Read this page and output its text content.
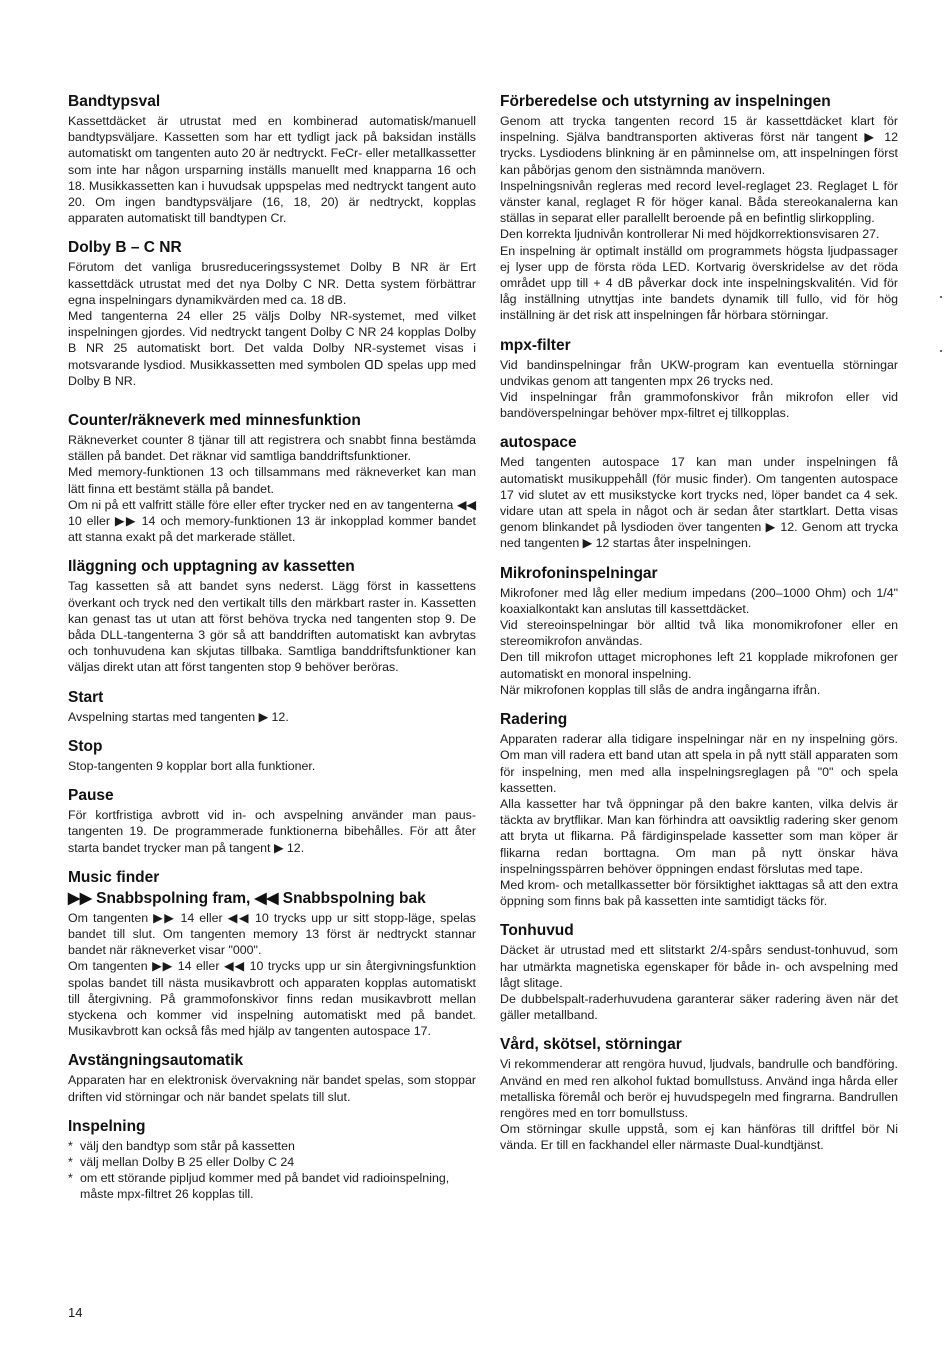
Bandtypsval

Kassettdäcket är utrustat med en kombinerad automatisk/manuell bandtypsväljare. Kassetten som har ett tydligt jack på baksidan inställs automatiskt om tangenten auto 20 är nedtryckt. FeCr- eller metallkassetter som inte har någon ursparning inställs manuellt med knapparna 16 och 18. Musikkassetten kan i huvudsak uppspelas med nedtryckt tangent auto 20. Om ingen bandtypsväljare (16, 18, 20) är nedtryckt, kopplas apparaten automatiskt till bandtypen Cr.

Dolby B – C NR

Förutom det vanliga brusreduceringssystemet Dolby B NR är Ert kassettdäck utrustat med det nya Dolby C NR. Detta system förbättrar egna inspelningars dynamikvärden med ca. 18 dB.

Med tangenterna 24 eller 25 väljs Dolby NR-systemet, med vilket inspelningen gjordes. Vid nedtryckt tangent Dolby C NR 24 kopplas Dolby B NR 25 automatiskt bort. Det valda Dolby NR-systemet visas i motsvarande lysdiod. Musikkassetten med symbolen ᗡᗞ spelas upp med Dolby B NR.

Counter/räkneverk med minnesfunktion

Räkneverket counter 8 tjänar till att registrera och snabbt finna bestämda ställen på bandet. Det räknar vid samtliga banddriftsfunktioner.

Med memory-funktionen 13 och tillsammans med räkneverket kan man lätt finna ett bestämt ställa på bandet.

Om ni på ett valfritt ställe före eller efter trycker ned en av tangenterna ◀◀ 10 eller ▶▶ 14 och memory-funktionen 13 är inkopplad kommer bandet att stanna exakt på det markerade stället.

Iläggning och upptagning av kassetten

Tag kassetten så att bandet syns nederst. Lägg först in kassettens överkant och tryck ned den vertikalt tills den märkbart raster in. Kassetten kan genast tas ut utan att först behöva trycka ned tangenten stop 9. De båda DLL-tangenterna 3 gör så att banddriften automatiskt kan avbrytas och tonhuvudena kan skjutas tillbaka. Samtliga banddriftsfunktioner kan väljas direkt utan att först tangenten stop 9 behöver beröras.

Start

Avspelning startas med tangenten ▶ 12.

Stop

Stop-tangenten 9 kopplar bort alla funktioner.

Pause

För kortfristiga avbrott vid in- och avspelning använder man paus-tangenten 19. De programmerade funktionerna bibehålles. För att åter starta bandet trycker man på tangent ▶ 12.

Music finder
▶▶ Snabbspolning fram, ◀◀ Snabbspolning bak

Om tangenten ▶▶ 14 eller ◀◀ 10 trycks upp ur sitt stopp-läge, spelas bandet till slut. Om tangenten memory 13 först är nedtryckt stannar bandet när räkneverket visar "000".

Om tangenten ▶▶ 14 eller ◀◀ 10 trycks upp ur sin återgivningsfunktion spolas bandet till nästa musikavbrott och apparaten kopplas automatiskt till återgivning. På grammofonskivor finns redan musikavbrott mellan styckena och kommer vid inspelning automatiskt med på bandet. Musikavbrott kan också fås med hjälp av tangenten autospace 17.

Avstängningsautomatik

Apparaten har en elektronisk övervakning när bandet spelas, som stoppar driften vid störningar och när bandet spelats till slut.

Inspelning
* välj den bandtyp som står på kassetten
* välj mellan Dolby B 25 eller Dolby C 24
* om ett störande pipljud kommer med på bandet vid radioinspelning, måste mpx-filtret 26 kopplas till.
Förberedelse och utstyrning av inspelningen

Genom att trycka tangenten record 15 är kassettdäcket klart för inspelning. Själva bandtransporten aktiveras först när tangent ▶ 12 trycks. Lysdiodens blinkning är en påminnelse om, att inspelningen först kan påbörjas genom den sistnämnda manövern.

Inspelningsnivån regleras med record level-reglaget 23. Reglaget L för vänster kanal, reglaget R för höger kanal. Båda stereokanalerna kan ställas in separat eller parallellt beroende på en befintlig slirkoppling.

Den korrekta ljudnivån kontrollerar Ni med höjdkorrektionsvisaren 27.

En inspelning är optimalt inställd om programmets högsta ljudpassager ej lyser upp de första röda LED. Kortvarig överskridelse av det röda området upp till + 4 dB påverkar dock inte inspelningskvalitén. Vid för låg inställning utnyttjas inte bandets dynamik till fullo, vid för hög inställning är det risk att inspelningen får hörbara störningar.

mpx-filter

Vid bandinspelningar från UKW-program kan eventuella störningar undvikas genom att tangenten mpx 26 trycks ned.

Vid inspelningar från grammofonskivor från mikrofon eller vid bandöverspelningar behöver mpx-filtret ej tillkopplas.

autospace

Med tangenten autospace 17 kan man under inspelningen få automatiskt musikuppehåll (för music finder). Om tangenten autospace 17 vid slutet av ett musikstycke kort trycks ned, löper bandet ca 4 sek. vidare utan att spela in något och är sedan åter startklart. Detta visas genom blinkandet på lysdioden över tangenten ▶ 12. Genom att trycka ned tangenten ▶ 12 startas åter inspelningen.

Mikrofoninspelningar

Mikrofoner med låg eller medium impedans (200–1000 Ohm) och 1/4" koaxialkontakt kan anslutas till kassettdäcket.

Vid stereoinspelningar bör alltid två lika monomikrofoner eller en stereomikrofon användas.

Den till mikrofon uttaget microphones left 21 kopplade mikrofonen ger automatiskt en monoral inspelning.

När mikrofonen kopplas till slås de andra ingångarna ifrån.

Radering

Apparaten raderar alla tidigare inspelningar när en ny inspelning görs. Om man vill radera ett band utan att spela in på nytt ställ apparaten som för inspelning, men med alla inspelningsreglagen på "0" och spela kassetten.

Alla kassetter har två öppningar på den bakre kanten, vilka delvis är täckta av brytflikar. Man kan förhindra att oavsiktlig radering sker genom att bryta ut flikarna. På färdiginspelade kassetter som man köper är flikarna redan borttagna. Om man på nytt önskar häva inspelningsspärren behöver öppningen endast förslutas med tape.

Med krom- och metallkassetter bör försiktighet iakttagas så att den extra öppning som finns bak på kassetten inte samtidigt täcks för.

Tonhuvud

Däcket är utrustad med ett slitstarkt 2/4-spårs sendust-tonhuvud, som har utmärkta magnetiska egenskaper för både in- och avspelning med lågt slitage.

De dubbelspalt-raderhuvudena garanterar säker radering även när det gäller metallband.

Vård, skötsel, störningar

Vi rekommenderar att rengöra huvud, ljudvals, bandrulle och bandföring. Använd en med ren alkohol fuktad bomullstuss. Använd inga hårda eller metalliska föremål och berör ej huvudspegeln med fingrarna. Bandrullen rengöres med en torr bomullstuss.

Om störningar skulle uppstå, som ej kan hänföras till driftfel bör Ni vända. Er till en fackhandel eller närmaste Dual-kundtjänst.

14
